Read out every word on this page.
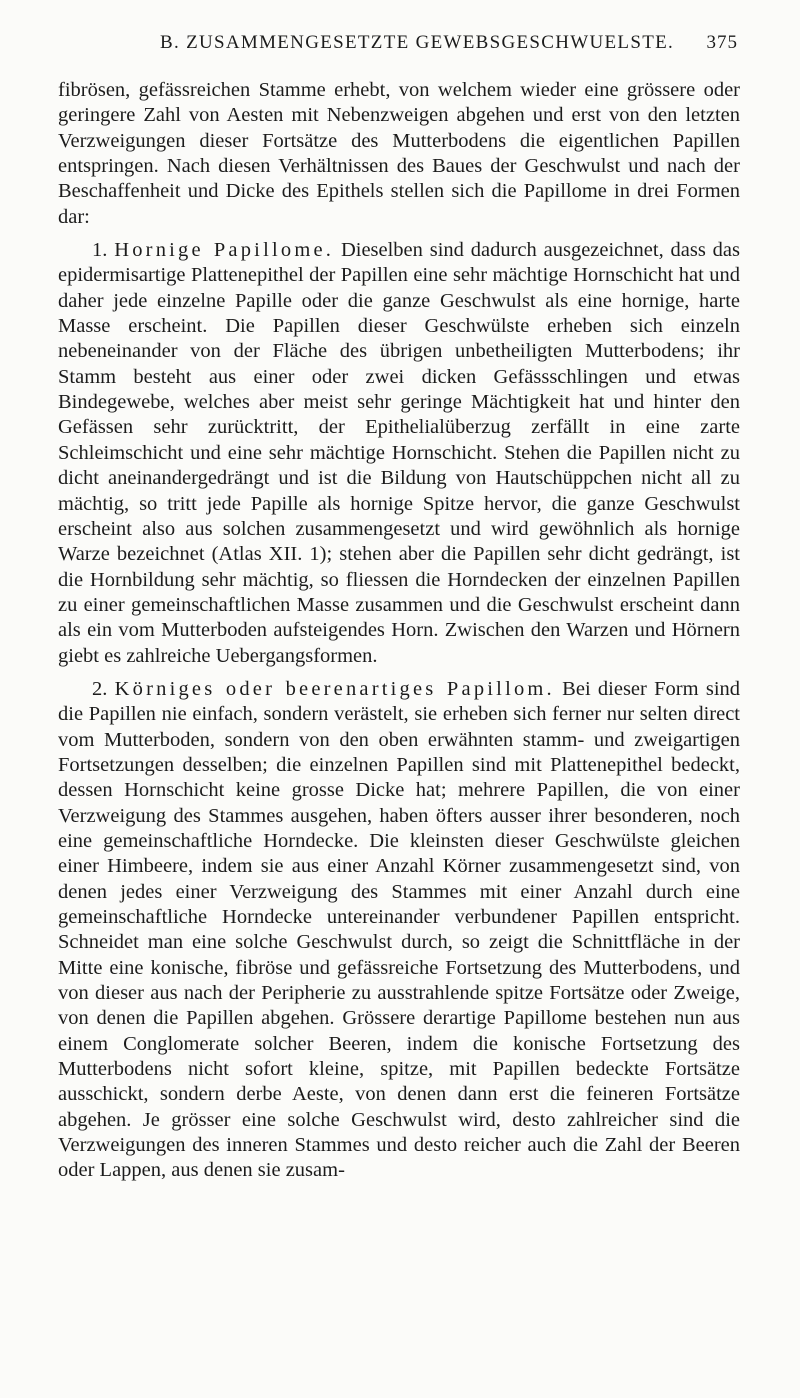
B. ZUSAMMENGESETZTE GEWEBSGESCHWUELSTE. 375

fibrösen, gefässreichen Stamme erhebt, von welchem wieder eine grössere oder geringere Zahl von Aesten mit Nebenzweigen abgehen und erst von den letzten Verzweigungen dieser Fortsätze des Mutterbodens die eigentlichen Papillen entspringen. Nach diesen Verhältnissen des Baues der Geschwulst und nach der Beschaffenheit und Dicke des Epithels stellen sich die Papillome in drei Formen dar:

1. Hornige Papillome. Dieselben sind dadurch ausgezeichnet, dass das epidermisartige Plattenepithel der Papillen eine sehr mächtige Hornschicht hat und daher jede einzelne Papille oder die ganze Geschwulst als eine hornige, harte Masse erscheint. Die Papillen dieser Geschwülste erheben sich einzeln nebeneinander von der Fläche des übrigen unbetheiligten Mutterbodens; ihr Stamm besteht aus einer oder zwei dicken Gefässschlingen und etwas Bindegewebe, welches aber meist sehr geringe Mächtigkeit hat und hinter den Gefässen sehr zurücktritt, der Epithelialüberzug zerfällt in eine zarte Schleimschicht und eine sehr mächtige Hornschicht. Stehen die Papillen nicht zu dicht aneinandergedrängt und ist die Bildung von Hautschüppchen nicht all zu mächtig, so tritt jede Papille als hornige Spitze hervor, die ganze Geschwulst erscheint also aus solchen zusammengesetzt und wird gewöhnlich als hornige Warze bezeichnet (Atlas XII. 1); stehen aber die Papillen sehr dicht gedrängt, ist die Hornbildung sehr mächtig, so fliessen die Horndecken der einzelnen Papillen zu einer gemeinschaftlichen Masse zusammen und die Geschwulst erscheint dann als ein vom Mutterboden aufsteigendes Horn. Zwischen den Warzen und Hörnern giebt es zahlreiche Uebergangsformen.

2. Körniges oder beerenartiges Papillom. Bei dieser Form sind die Papillen nie einfach, sondern verästelt, sie erheben sich ferner nur selten direct vom Mutterboden, sondern von den oben erwähnten stamm- und zweigartigen Fortsetzungen desselben; die einzelnen Papillen sind mit Plattenepithel bedeckt, dessen Hornschicht keine grosse Dicke hat; mehrere Papillen, die von einer Verzweigung des Stammes ausgehen, haben öfters ausser ihrer besonderen, noch eine gemeinschaftliche Horndecke. Die kleinsten dieser Geschwülste gleichen einer Himbeere, indem sie aus einer Anzahl Körner zusammengesetzt sind, von denen jedes einer Verzweigung des Stammes mit einer Anzahl durch eine gemeinschaftliche Horndecke untereinander verbundener Papillen entspricht. Schneidet man eine solche Geschwulst durch, so zeigt die Schnittfläche in der Mitte eine konische, fibröse und gefässreiche Fortsetzung des Mutterbodens, und von dieser aus nach der Peripherie zu ausstrahlende spitze Fortsätze oder Zweige, von denen die Papillen abgehen. Grössere derartige Papillome bestehen nun aus einem Conglomerate solcher Beeren, indem die konische Fortsetzung des Mutterbodens nicht sofort kleine, spitze, mit Papillen bedeckte Fortsätze ausschickt, sondern derbe Aeste, von denen dann erst die feineren Fortsätze abgehen. Je grösser eine solche Geschwulst wird, desto zahlreicher sind die Verzweigungen des inneren Stammes und desto reicher auch die Zahl der Beeren oder Lappen, aus denen sie zusam-
